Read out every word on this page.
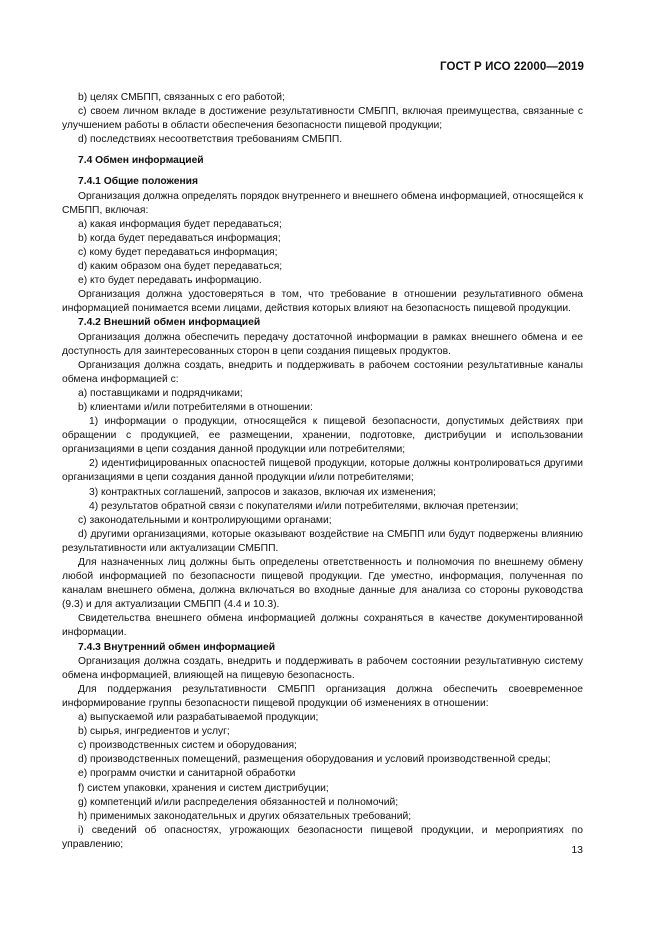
ГОСТ Р ИСО 22000—2019

b) целях СМБПП, связанных с его работой;

c) своем личном вкладе в достижение результативности СМБПП, включая преимущества, связанные с улучшением работы в области обеспечения безопасности пищевой продукции;

d) последствиях несоответствия требованиям СМБПП.

7.4 Обмен информацией

7.4.1 Общие положения

Организация должна определять порядок внутреннего и внешнего обмена информацией, относящейся к СМБПП, включая:

a) какая информация будет передаваться;

b) когда будет передаваться информация;

c) кому будет передаваться информация;

d) каким образом она будет передаваться;

e) кто будет передавать информацию.

Организация должна удостоверяться в том, что требование в отношении результативного обмена информацией понимается всеми лицами, действия которых влияют на безопасность пищевой продукции.

7.4.2 Внешний обмен информацией

Организация должна обеспечить передачу достаточной информации в рамках внешнего обмена и ее доступность для заинтересованных сторон в цепи создания пищевых продуктов.

Организация должна создать, внедрить и поддерживать в рабочем состоянии результативные каналы обмена информацией с:

a) поставщиками и подрядчиками;

b) клиентами и/или потребителями в отношении:

1) информации о продукции, относящейся к пищевой безопасности, допустимых действиях при обращении с продукцией, ее размещении, хранении, подготовке, дистрибуции и использовании организациями в цепи создания данной продукции или потребителями;

2) идентифицированных опасностей пищевой продукции, которые должны контролироваться другими организациями в цепи создания данной продукции и/или потребителями;

3) контрактных соглашений, запросов и заказов, включая их изменения;

4) результатов обратной связи с покупателями и/или потребителями, включая претензии;

c) законодательными и контролирующими органами;

d) другими организациями, которые оказывают воздействие на СМБПП или будут подвержены влиянию результативности или актуализации СМБПП.

Для назначенных лиц должны быть определены ответственность и полномочия по внешнему обмену любой информацией по безопасности пищевой продукции. Где уместно, информация, полученная по каналам внешнего обмена, должна включаться во входные данные для анализа со стороны руководства (9.3) и для актуализации СМБПП (4.4 и 10.3).

Свидетельства внешнего обмена информацией должны сохраняться в качестве документированной информации.

7.4.3 Внутренний обмен информацией

Организация должна создать, внедрить и поддерживать в рабочем состоянии результативную систему обмена информацией, влияющей на пищевую безопасность.

Для поддержания результативности СМБПП организация должна обеспечить своевременное информирование группы безопасности пищевой продукции об изменениях в отношении:

a) выпускаемой или разрабатываемой продукции;

b) сырья, ингредиентов и услуг;

c) производственных систем и оборудования;

d) производственных помещений, размещения оборудования и условий производственной среды;

e) программ очистки и санитарной обработки

f) систем упаковки, хранения и систем дистрибуции;

g) компетенций и/или распределения обязанностей и полномочий;

h) применимых законодательных и других обязательных требований;

i) сведений об опасностях, угрожающих безопасности пищевой продукции, и мероприятиях по управлению;	13
